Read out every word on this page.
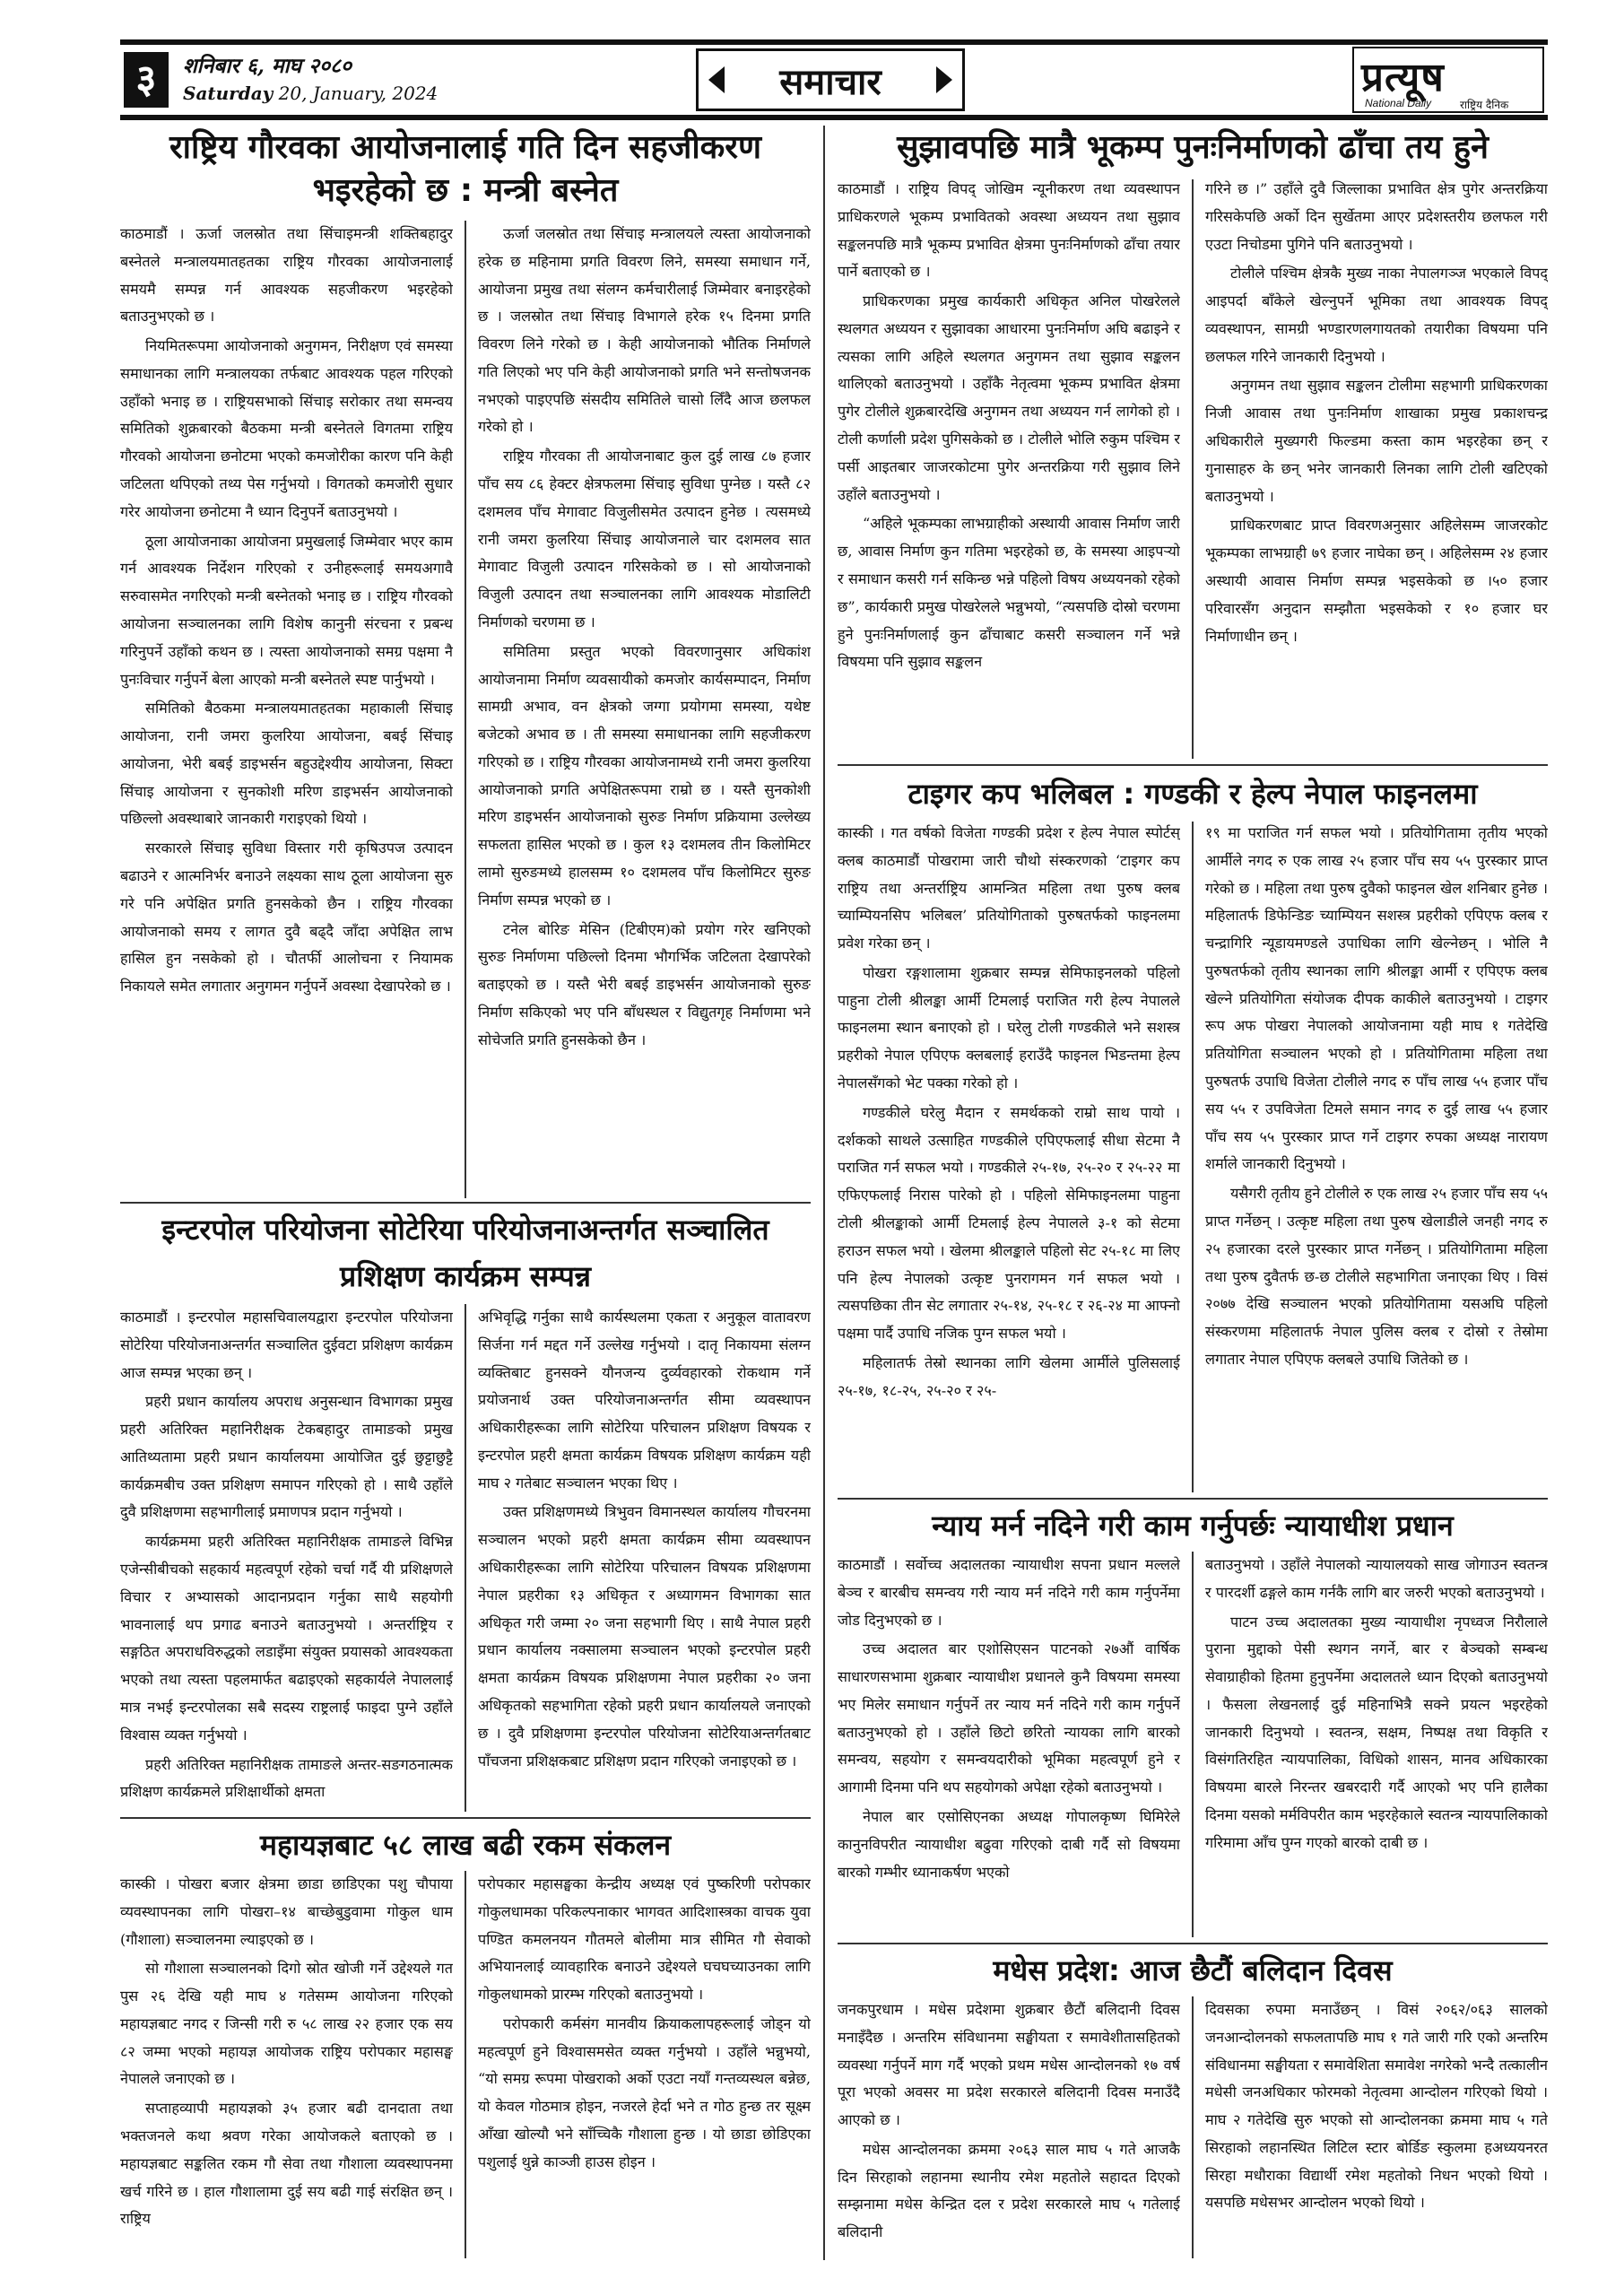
३	शनिबार ६, माघ २०८०
Saturday 20, January, 2024	समाचार	प्रत्यूष
National Daily	राष्ट्रिय दैनिक
राष्ट्रिय गौरवका आयोजनालाई गति दिन सहजीकरण
भइरहेको छ : मन्त्री बस्नेत

काठमाडौं । ऊर्जा जलस्रोत तथा सिंचाइमन्त्री शक्तिबहादुर बस्नेतले मन्त्रालयमातहतका राष्ट्रिय गौरवका आयोजनालाई समयमै सम्पन्न गर्न आवश्यक सहजीकरण भइरहेको बताउनुभएको छ ।

नियमितरूपमा आयोजनाको अनुगमन, निरीक्षण एवं समस्या समाधानका लागि मन्त्रालयका तर्फबाट आवश्यक पहल गरिएको उहाँको भनाइ छ । राष्ट्रियसभाको सिंचाइ सरोकार तथा समन्वय समितिको शुक्रबारको बैठकमा मन्त्री बस्नेतले विगतमा राष्ट्रिय गौरवको आयोजना छनोटमा भएको कमजोरीका कारण पनि केही जटिलता थपिएको तथ्य पेस गर्नुभयो । विगतको कमजोरी सुधार गरेर आयोजना छनोटमा नै ध्यान दिनुपर्ने बताउनुभयो ।

ठूला आयोजनाका आयोजना प्रमुखलाई जिम्मेवार भएर काम गर्न आवश्यक निर्देशन गरिएको र उनीहरूलाई समयअगावै सरुवासमेत नगरिएको मन्त्री बस्नेतको भनाइ छ । राष्ट्रिय गौरवको आयोजना सञ्चालनका लागि विशेष कानुनी संरचना र प्रबन्ध गरिनुपर्ने उहाँको कथन छ । त्यस्ता आयोजनाको समग्र पक्षमा नै पुनःविचार गर्नुपर्ने बेला आएको मन्त्री बस्नेतले स्पष्ट पार्नुभयो ।

समितिको बैठकमा मन्त्रालयमातहतका महाकाली सिंचाइ आयोजना, रानी जमरा कुलरिया आयोजना, बबई सिंचाइ आयोजना, भेरी बबई डाइभर्सन बहुउद्देश्यीय आयोजना, सिक्टा सिंचाइ आयोजना र सुनकोशी मरिण डाइभर्सन आयोजनाको पछिल्लो अवस्थाबारे जानकारी गराइएको थियो ।

सरकारले सिंचाइ सुविधा विस्तार गरी कृषिउपज उत्पादन बढाउने र आत्मनिर्भर बनाउने लक्ष्यका साथ ठूला आयोजना सुरु गरे पनि अपेक्षित प्रगति हुनसकेको छैन । राष्ट्रिय गौरवका आयोजनाको समय र लागत दुवै बढ्दै जाँदा अपेक्षित लाभ हासिल हुन नसकेको हो । चौतर्फी आलोचना र नियामक निकायले समेत लगातार अनुगमन गर्नुपर्ने अवस्था देखापरेको छ ।

ऊर्जा जलस्रोत तथा सिंचाइ मन्त्रालयले त्यस्ता आयोजनाको हरेक छ महिनामा प्रगति विवरण लिने, समस्या समाधान गर्ने, आयोजना प्रमुख तथा संलग्न कर्मचारीलाई जिम्मेवार बनाइरहेको छ । जलस्रोत तथा सिंचाइ विभागले हरेक १५ दिनमा प्रगति विवरण लिने गरेको छ । केही आयोजनाको भौतिक निर्माणले गति लिएको भए पनि केही आयोजनाको प्रगति भने सन्तोषजनक नभएको पाइएपछि संसदीय समितिले चासो लिँदै आज छलफल गरेको हो ।

राष्ट्रिय गौरवका ती आयोजनाबाट कुल दुई लाख ८७ हजार पाँच सय ८६ हेक्टर क्षेत्रफलमा सिंचाइ सुविधा पुग्नेछ । यस्तै ८२ दशमलव पाँच मेगावाट विजुलीसमेत उत्पादन हुनेछ । त्यसमध्ये रानी जमरा कुलरिया सिंचाइ आयोजनाले चार दशमलव सात मेगावाट विजुली उत्पादन गरिसकेको छ । सो आयोजनाको विजुली उत्पादन तथा सञ्चालनका लागि आवश्यक मोडालिटी निर्माणको चरणमा छ ।

समितिमा प्रस्तुत भएको विवरणानुसार अधिकांश आयोजनामा निर्माण व्यवसायीको कमजोर कार्यसम्पादन, निर्माण सामग्री अभाव, वन क्षेत्रको जग्गा प्रयोगमा समस्या, यथेष्ट बजेटको अभाव छ । ती समस्या समाधानका लागि सहजीकरण गरिएको छ । राष्ट्रिय गौरवका आयोजनामध्ये रानी जमरा कुलरिया आयोजनाको प्रगति अपेक्षितरूपमा राम्रो छ । यस्तै सुनकोशी मरिण डाइभर्सन आयोजनाको सुरुङ निर्माण प्रक्रियामा उल्लेख्य सफलता हासिल भएको छ । कुल १३ दशमलव तीन किलोमिटर लामो सुरुङमध्ये हालसम्म १० दशमलव पाँच किलोमिटर सुरुङ निर्माण सम्पन्न भएको छ ।

टनेल बोरिङ मेसिन (टिबीएम)को प्रयोग गरेर खनिएको सुरुङ निर्माणमा पछिल्लो दिनमा भौगर्भिक जटिलता देखापरेको बताइएको छ । यस्तै भेरी बबई डाइभर्सन आयोजनाको सुरुङ निर्माण सकिएको भए पनि बाँधस्थल र विद्युतगृह निर्माणमा भने सोचेजति प्रगति हुनसकेको छैन ।

सुझावपछि मात्रै भूकम्प पुनःनिर्माणको ढाँचा तय हुने

काठमाडौं । राष्ट्रिय विपद् जोखिम न्यूनीकरण तथा व्यवस्थापन प्राधिकरणले भूकम्प प्रभावितको अवस्था अध्ययन तथा सुझाव सङ्कलनपछि मात्रै भूकम्प प्रभावित क्षेत्रमा पुनःनिर्माणको ढाँचा तयार पार्ने बताएको छ ।

प्राधिकरणका प्रमुख कार्यकारी अधिकृत अनिल पोखरेलले स्थलगत अध्ययन र सुझावका आधारमा पुनःनिर्माण अघि बढाइने र त्यसका लागि अहिले स्थलगत अनुगमन तथा सुझाव सङ्कलन थालिएको बताउनुभयो । उहाँकै नेतृत्वमा भूकम्प प्रभावित क्षेत्रमा पुगेर टोलीले शुक्रबारदेखि अनुगमन तथा अध्ययन गर्न लागेको हो । टोली कर्णाली प्रदेश पुगिसकेको छ । टोलीले भोलि रुकुम पश्चिम र पर्सी आइतबार जाजरकोटमा पुगेर अन्तरक्रिया गरी सुझाव लिने उहाँले बताउनुभयो ।

“अहिले भूकम्पका लाभग्राहीको अस्थायी आवास निर्माण जारी छ, आवास निर्माण कुन गतिमा भइरहेको छ, के समस्या आइपर्‍यो र समाधान कसरी गर्न सकिन्छ भन्ने पहिलो विषय अध्ययनको रहेको छ”, कार्यकारी प्रमुख पोखरेलले भन्नुभयो, “त्यसपछि दोस्रो चरणमा हुने पुनःनिर्माणलाई कुन ढाँचाबाट कसरी सञ्चालन गर्ने भन्ने विषयमा पनि सुझाव सङ्कलन

गरिने छ ।” उहाँले दुवै जिल्लाका प्रभावित क्षेत्र पुगेर अन्तरक्रिया गरिसकेपछि अर्को दिन सुर्खेतमा आएर प्रदेशस्तरीय छलफल गरी एउटा निचोडमा पुगिने पनि बताउनुभयो ।

टोलीले पश्चिम क्षेत्रकै मुख्य नाका नेपालगञ्ज भएकाले विपद् आइपर्दा बाँकेले खेल्नुपर्ने भूमिका तथा आवश्यक विपद् व्यवस्थापन, सामग्री भण्डारणलगायतको तयारीका विषयमा पनि छलफल गरिने जानकारी दिनुभयो ।

अनुगमन तथा सुझाव सङ्कलन टोलीमा सहभागी प्राधिकरणका निजी आवास तथा पुनःनिर्माण शाखाका प्रमुख प्रकाशचन्द्र अधिकारीले मुख्यगरी फिल्डमा कस्ता काम भइरहेका छन् र गुनासाहरु के छन् भनेर जानकारी लिनका लागि टोली खटिएको बताउनुभयो ।

प्राधिकरणबाट प्राप्त विवरणअनुसार अहिलेसम्म जाजरकोट भूकम्पका लाभग्राही ७९ हजार नाघेका छन् । अहिलेसम्म २४ हजार अस्थायी आवास निर्माण सम्पन्न भइसकेको छ ।५० हजार परिवारसँग अनुदान सम्झौता भइसकेको र १० हजार घर निर्माणाधीन छन् ।

टाइगर कप भलिबल : गण्डकी र हेल्प नेपाल फाइनलमा

कास्की । गत वर्षको विजेता गण्डकी प्रदेश र हेल्प नेपाल स्पोर्टस् क्लब काठमाडौं पोखरामा जारी चौथो संस्करणको ‘टाइगर कप राष्ट्रिय तथा अन्तर्राष्ट्रिय आमन्त्रित महिला तथा पुरुष क्लब च्याम्पियनसिप भलिबल’ प्रतियोगिताको पुरुषतर्फको फाइनलमा प्रवेश गरेका छन् ।

पोखरा रङ्गशालामा शुक्रबार सम्पन्न सेमिफाइनलको पहिलो पाहुना टोली श्रीलङ्का आर्मी टिमलाई पराजित गरी हेल्प नेपालले फाइनलमा स्थान बनाएको हो । घरेलु टोली गण्डकीले भने सशस्त्र प्रहरीको नेपाल एपिएफ क्लबलाई हराउँदै फाइनल भिडन्तमा हेल्प नेपालसँगको भेट पक्का गरेको हो ।

गण्डकीले घरेलु मैदान र समर्थकको राम्रो साथ पायो । दर्शकको साथले उत्साहित गण्डकीले एपिएफलाई सीधा सेटमा नै पराजित गर्न सफल भयो । गण्डकीले २५-१७, २५-२० र २५-२२ मा एफिएफलाई निरास पारेको हो । पहिलो सेमिफाइनलमा पाहुना टोली श्रीलङ्काको आर्मी टिमलाई हेल्प नेपालले ३-१ को सेटमा हराउन सफल भयो । खेलमा श्रीलङ्काले पहिलो सेट २५-१८ मा लिए पनि हेल्प नेपालको उत्कृष्ट पुनरागमन गर्न सफल भयो । त्यसपछिका तीन सेट लगातार २५-१४, २५-१८ र २६-२४ मा आफ्नो पक्षमा पार्दै उपाधि नजिक पुग्न सफल भयो ।

महिलातर्फ तेस्रो स्थानका लागि खेलमा आर्मीले पुलिसलाई २५-१७, १८-२५, २५-२० र २५-

१९ मा पराजित गर्न सफल भयो । प्रतियोगितामा तृतीय भएको आर्मीले नगद रु एक लाख २५ हजार पाँच सय ५५ पुरस्कार प्राप्त गरेको छ । महिला तथा पुरुष दुवैको फाइनल खेल शनिबार हुनेछ । महिलातर्फ डिफेन्डिङ च्याम्पियन सशस्त्र प्रहरीको एपिएफ क्लब र चन्द्रागिरि न्यूडायमण्डले उपाधिका लागि खेल्नेछन् । भोलि नै पुरुषतर्फको तृतीय स्थानका लागि श्रीलङ्का आर्मी र एपिएफ क्लब खेल्ने प्रतियोगिता संयोजक दीपक काकीले बताउनुभयो । टाइगर रूप अफ पोखरा नेपालको आयोजनामा यही माघ १ गतेदेखि प्रतियोगिता सञ्चालन भएको हो । प्रतियोगितामा महिला तथा पुरुषतर्फ उपाधि विजेता टोलीले नगद रु पाँच लाख ५५ हजार पाँच सय ५५ र उपविजेता टिमले समान नगद रु दुई लाख ५५ हजार पाँच सय ५५ पुरस्कार प्राप्त गर्ने टाइगर रुपका अध्यक्ष नारायण शर्माले जानकारी दिनुभयो ।

यसैगरी तृतीय हुने टोलीले रु एक लाख २५ हजार पाँच सय ५५ प्राप्त गर्नेछन् । उत्कृष्ट महिला तथा पुरुष खेलाडीले जनही नगद रु २५ हजारका दरले पुरस्कार प्राप्त गर्नेछन् । प्रतियोगितामा महिला तथा पुरुष दुवैतर्फ छ-छ टोलीले सहभागिता जनाएका थिए । विसं २०७७ देखि सञ्चालन भएको प्रतियोगितामा यसअघि पहिलो संस्करणमा महिलातर्फ नेपाल पुलिस क्लब र दोस्रो र तेस्रोमा लगातार नेपाल एपिएफ क्लबले उपाधि जितेको छ ।

इन्टरपोल परियोजना सोटेरिया परियोजनाअन्तर्गत सञ्चालित
प्रशिक्षण कार्यक्रम सम्पन्न

काठमाडौं । इन्टरपोल महासचिवालयद्वारा इन्टरपोल परियोजना सोटेरिया परियोजनाअन्तर्गत सञ्चालित दुईवटा प्रशिक्षण कार्यक्रम आज सम्पन्न भएका छन् ।

प्रहरी प्रधान कार्यालय अपराध अनुसन्धान विभागका प्रमुख प्रहरी अतिरिक्त महानिरीक्षक टेकबहादुर तामाङको प्रमुख आतिथ्यतामा प्रहरी प्रधान कार्यालयमा आयोजित दुई छुट्टाछुट्टै कार्यक्रमबीच उक्त प्रशिक्षण समापन गरिएको हो । साथै उहाँले दुवै प्रशिक्षणमा सहभागीलाई प्रमाणपत्र प्रदान गर्नुभयो ।

कार्यक्रममा प्रहरी अतिरिक्त महानिरीक्षक तामाङले विभिन्न एजेन्सीबीचको सहकार्य महत्वपूर्ण रहेको चर्चा गर्दै यी प्रशिक्षणले विचार र अभ्यासको आदानप्रदान गर्नुका साथै सहयोगी भावनालाई थप प्रगाढ बनाउने बताउनुभयो । अन्तर्राष्ट्रिय र सङ्गठित अपराधविरुद्धको लडाइँमा संयुक्त प्रयासको आवश्यकता भएको तथा त्यस्ता पहलमार्फत बढाइएको सहकार्यले नेपाललाई मात्र नभई इन्टरपोलका सबै सदस्य राष्ट्रलाई फाइदा पुग्ने उहाँले विश्वास व्यक्त गर्नुभयो ।

प्रहरी अतिरिक्त महानिरीक्षक तामाङले अन्तर-सङगठनात्मक प्रशिक्षण कार्यक्रमले प्रशिक्षार्थीको क्षमता

अभिवृद्धि गर्नुका साथै कार्यस्थलमा एकता र अनुकूल वातावरण सिर्जना गर्न मद्दत गर्ने उल्लेख गर्नुभयो । दातृ निकायमा संलग्न व्यक्तिबाट हुनसक्ने यौनजन्य दुर्व्यवहारको रोकथाम गर्ने प्रयोजनार्थ उक्त परियोजनाअन्तर्गत सीमा व्यवस्थापन अधिकारीहरूका लागि सोटेरिया परिचालन प्रशिक्षण विषयक र इन्टरपोल प्रहरी क्षमता कार्यक्रम विषयक प्रशिक्षण कार्यक्रम यही माघ २ गतेबाट सञ्चालन भएका थिए ।

उक्त प्रशिक्षणमध्ये त्रिभुवन विमानस्थल कार्यालय गौचरनमा सञ्चालन भएको प्रहरी क्षमता कार्यक्रम सीमा व्यवस्थापन अधिकारीहरूका लागि सोटेरिया परिचालन विषयक प्रशिक्षणमा नेपाल प्रहरीका १३ अधिकृत र अध्यागमन विभागका सात अधिकृत गरी जम्मा २० जना सहभागी थिए । साथै नेपाल प्रहरी प्रधान कार्यालय नक्सालमा सञ्चालन भएको इन्टरपोल प्रहरी क्षमता कार्यक्रम विषयक प्रशिक्षणमा नेपाल प्रहरीका २० जना अधिकृतको सहभागिता रहेको प्रहरी प्रधान कार्यालयले जनाएको छ । दुवै प्रशिक्षणमा इन्टरपोल परियोजना सोटेरियाअन्तर्गतबाट पाँचजना प्रशिक्षकबाट प्रशिक्षण प्रदान गरिएको जनाइएको छ ।

न्याय मर्न नदिने गरी काम गर्नुपर्छः न्यायाधीश प्रधान

काठमाडौं । सर्वोच्च अदालतका न्यायाधीश सपना प्रधान मल्लले बेञ्च र बारबीच समन्वय गरी न्याय मर्न नदिने गरी काम गर्नुपर्नेमा जोड दिनुभएको छ ।

उच्च अदालत बार एशोसिएसन पाटनको २७औं वार्षिक साधारणसभामा शुक्रबार न्यायाधीश प्रधानले कुनै विषयमा समस्या भए मिलेर समाधान गर्नुपर्ने तर न्याय मर्न नदिने गरी काम गर्नुपर्ने बताउनुभएको हो । उहाँले छिटो छरितो न्यायका लागि बारको समन्वय, सहयोग र समन्वयदारीको भूमिका महत्वपूर्ण हुने र आगामी दिनमा पनि थप सहयोगको अपेक्षा रहेको बताउनुभयो ।

नेपाल बार एसोसिएनका अध्यक्ष गोपालकृष्ण घिमिरेले कानुनविपरीत न्यायाधीश बढुवा गरिएको दाबी गर्दै सो विषयमा बारको गम्भीर ध्यानाकर्षण भएको

बताउनुभयो । उहाँले नेपालको न्यायालयको साख जोगाउन स्वतन्त्र र पारदर्शी ढङ्गले काम गर्नकै लागि बार जरुरी भएको बताउनुभयो ।

पाटन उच्च अदालतका मुख्य न्यायाधीश नृपध्वज निरौलाले पुराना मुद्दाको पेसी स्थगन नगर्ने, बार र बेञ्चको सम्बन्ध सेवाग्राहीको हितमा हुनुपर्नेमा अदालतले ध्यान दिएको बताउनुभयो । फैसला लेखनलाई दुई महिनाभित्रै सक्ने प्रयत्न भइरहेको जानकारी दिनुभयो । स्वतन्त्र, सक्षम, निष्पक्ष तथा विकृति र विसंगतिरहित न्यायपालिका, विधिको शासन, मानव अधिकारका विषयमा बारले निरन्तर खबरदारी गर्दै आएको भए पनि हालैका दिनमा यसको मर्मविपरीत काम भइरहेकाले स्वतन्त्र न्यायपालिकाको गरिमामा आँच पुग्न गएको बारको दाबी छ ।

महायज्ञबाट ५८ लाख बढी रकम संकलन

कास्की । पोखरा बजार क्षेत्रमा छाडा छाडिएका पशु चौपाया व्यवस्थापनका लागि पोखरा–१४ बाच्छेबुडुवामा गोकुल धाम (गौशाला) सञ्चालनमा ल्याइएको छ ।

सो गौशाला सञ्चालनको दिगो स्रोत खोजी गर्ने उद्देश्यले गत पुस २६ देखि यही माघ ४ गतेसम्म आयोजना गरिएको महायज्ञबाट नगद र जिन्सी गरी रु ५८ लाख २२ हजार एक सय ८२ जम्मा भएको महायज्ञ आयोजक राष्ट्रिय परोपकार महासङ्घ नेपालले जनाएको छ ।

सप्ताहव्यापी महायज्ञको ३५ हजार बढी दानदाता तथा भक्तजनले कथा श्रवण गरेका आयोजकले बताएको छ । महायज्ञबाट सङ्कलित रकम गौ सेवा तथा गौशाला व्यवस्थापनमा खर्च गरिने छ । हाल गौशालामा दुई सय बढी गाई संरक्षित छन् । राष्ट्रिय

परोपकार महासङ्घका केन्द्रीय अध्यक्ष एवं पुष्करिणी परोपकार गोकुलधामका परिकल्पनाकार भागवत आदिशास्त्रका वाचक युवा पण्डित कमलनयन गौतमले बोलीमा मात्र सीमित गौ सेवाको अभियानलाई व्यावहारिक बनाउने उद्देश्यले घचघच्याउनका लागि गोकुलधामको प्रारम्भ गरिएको बताउनुभयो ।

परोपकारी कर्मसंग मानवीय क्रियाकलापहरूलाई जोड्न यो महत्वपूर्ण हुने विश्वासमसेत व्यक्त गर्नुभयो । उहाँले भन्नुभयो, “यो समग्र रूपमा पोखराको अर्को एउटा नयाँ गन्तव्यस्थल बन्नेछ, यो केवल गोठमात्र होइन, नजरले हेर्दा भने त गोठ हुन्छ तर सूक्ष्म आँखा खोल्यौ भने साँच्चिकै गौशाला हुन्छ । यो छाडा छोडिएका पशुलाई थुन्ने काञ्जी हाउस होइन ।

मधेस प्रदेश: आज छैटौं बलिदान दिवस

जनकपुरधाम । मधेस प्रदेशमा शुक्रबार छैटौं बलिदानी दिवस मनाइँदैछ । अन्तरिम संविधानमा सङ्घीयता र समावेशीतासहितको व्यवस्था गर्नुपर्ने माग गर्दै भएको प्रथम मधेस आन्दोलनको १७ वर्ष पूरा भएको अवसर मा प्रदेश सरकारले बलिदानी दिवस मनाउँदै आएको छ ।

मधेस आन्दोलनका क्रममा २०६३ साल माघ ५ गते आजकै दिन सिरहाको लहानमा स्थानीय रमेश महतोले सहादत दिएको सम्झनामा मधेस केन्द्रित दल र प्रदेश सरकारले माघ ५ गतेलाई बलिदानी

दिवसका रुपमा मनाउँछन् । विसं २०६२/०६३ सालको जनआन्दोलनको सफलतापछि माघ १ गते जारी गरि एको अन्तरिम संविधानमा सङ्घीयता र समावेशिता समावेश नगरेको भन्दै तत्कालीन मधेसी जनअधिकार फोरमको नेतृत्वमा आन्दोलन गरिएको थियो । माघ २ गतेदेखि सुरु भएको सो आन्दोलनका क्रममा माघ ५ गते सिरहाको लहानस्थित लिटिल स्टार बोर्डिङ स्कुलमा हअध्ययनरत सिरहा मधौराका विद्यार्थी रमेश महतोको निधन भएको थियो । यसपछि मधेसभर आन्दोलन भएको थियो ।
